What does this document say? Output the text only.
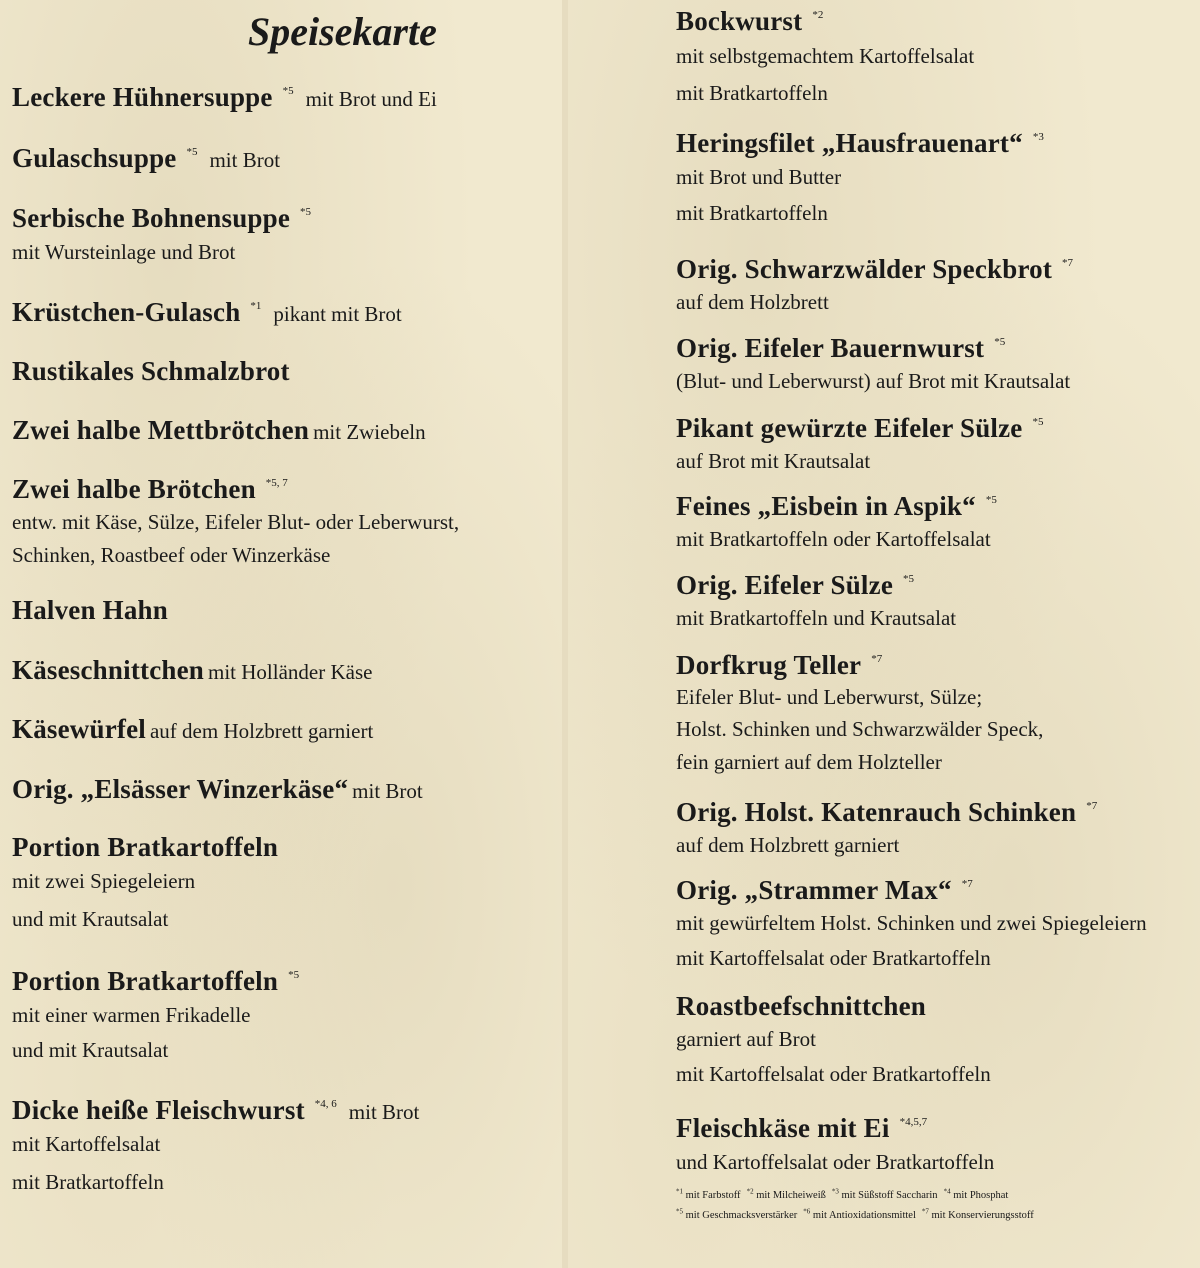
Speisekarte
Leckere Hühnersuppe $^{*5}$ mit Brot und Ei
Gulaschsuppe $^{*5}$ mit Brot
Serbische Bohnensuppe $^{*5}$
mit Wursteinlage und Brot
Krüstchen-Gulasch $^{*1}$ pikant mit Brot
Rustikales Schmalzbrot
Zwei halbe Mettbrötchen mit Zwiebeln
Zwei halbe Brötchen $^{*5, 7}$
entw. mit Käse, Sülze, Eifeler Blut- oder Leberwurst,
Schinken, Roastbeef oder Winzerkäse
Halven Hahn
Käseschnittchen mit Holländer Käse
Käsewürfel auf dem Holzbrett garniert
Orig. „Elsässer Winzerkäse“ mit Brot
Portion Bratkartoffeln
mit zwei Spiegeleiern
und mit Krautsalat
Portion Bratkartoffeln $^{*5}$
mit einer warmen Frikadelle
und mit Krautsalat
Dicke heiße Fleischwurst $^{*4, 6}$ mit Brot
mit Kartoffelsalat
mit Bratkartoffeln
Bockwurst $^{*2}$
mit selbstgemachtem Kartoffelsalat
mit Bratkartoffeln
Heringsfilet „Hausfrauenart“ $^{*3}$
mit Brot und Butter
mit Bratkartoffeln
Orig. Schwarzwälder Speckbrot $^{*7}$
auf dem Holzbrett
Orig. Eifeler Bauernwurst $^{*5}$
(Blut- und Leberwurst) auf Brot mit Krautsalat
Pikant gewürzte Eifeler Sülze $^{*5}$
auf Brot mit Krautsalat
Feines „Eisbein in Aspik“ $^{*5}$
mit Bratkartoffeln oder Kartoffelsalat
Orig. Eifeler Sülze $^{*5}$
mit Bratkartoffeln und Krautsalat
Dorfkrug Teller $^{*7}$
Eifeler Blut- und Leberwurst, Sülze;
Holst. Schinken und Schwarzwälder Speck,
fein garniert auf dem Holzteller
Orig. Holst. Katenrauch Schinken $^{*7}$
auf dem Holzbrett garniert
Orig. „Strammer Max“ $^{*7}$
mit gewürfeltem Holst. Schinken und zwei Spiegeleiern
mit Kartoffelsalat oder Bratkartoffeln
Roastbeefschnittchen
garniert auf Brot
mit Kartoffelsalat oder Bratkartoffeln
Fleischkäse mit Ei $^{*4,5,7}$
und Kartoffelsalat oder Bratkartoffeln
$^{*1}$ mit Farbstoff $^{*2}$ mit Milcheiweiß $^{*3}$ mit Süßstoff Saccharin $^{*4}$ mit Phosphat
$^{*5}$ mit Geschmacksverstärker $^{*6}$ mit Antioxidationsmittel $^{*7}$ mit Konservierungsstoff
